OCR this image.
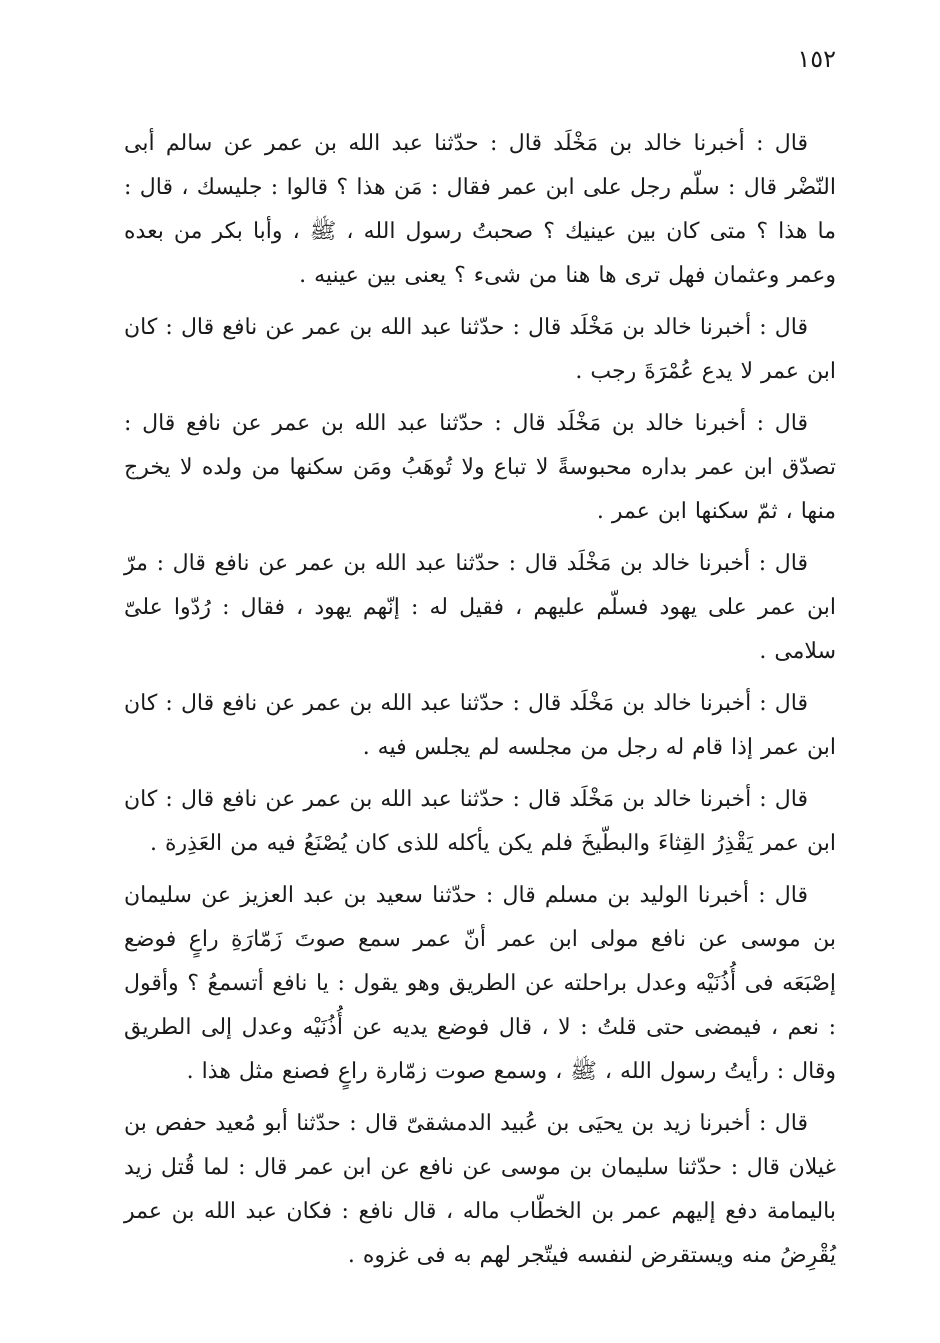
١٥٢

قال : أخبرنا خالد بن مَخْلَد قال : حدّثنا عبد الله بن عمر عن سالم أبى النّضْر قال : سلّم رجل على ابن عمر فقال : مَن هذا ؟ قالوا : جليسك ، قال : ما هذا ؟ متى كان بين عينيك ؟ صحبتُ رسول الله ، ﷺ ، وأبا بكر من بعده وعمر وعثمان فهل ترى ها هنا من شىء ؟ يعنى بين عينيه .

قال : أخبرنا خالد بن مَخْلَد قال : حدّثنا عبد الله بن عمر عن نافع قال : كان ابن عمر لا يدع عُمْرَةَ رجب .

قال : أخبرنا خالد بن مَخْلَد قال : حدّثنا عبد الله بن عمر عن نافع قال : تصدّق ابن عمر بداره محبوسةً لا تباع ولا تُوهَبُ ومَن سكنها من ولده لا يخرج منها ، ثمّ سكنها ابن عمر .

قال : أخبرنا خالد بن مَخْلَد قال : حدّثنا عبد الله بن عمر عن نافع قال : مرّ ابن عمر على يهود فسلّم عليهم ، فقيل له : إنّهم يهود ، فقال : رُدّوا علىّ سلامى .

قال : أخبرنا خالد بن مَخْلَد قال : حدّثنا عبد الله بن عمر عن نافع قال : كان ابن عمر إذا قام له رجل من مجلسه لم يجلس فيه .

قال : أخبرنا خالد بن مَخْلَد قال : حدّثنا عبد الله بن عمر عن نافع قال : كان ابن عمر يَقْذِرُ القِثاءَ والبطّيخَ فلم يكن يأكله للذى كان يُصْنَعُ فيه من العَذِرة .

قال : أخبرنا الوليد بن مسلم قال : حدّثنا سعيد بن عبد العزيز عن سليمان بن موسى عن نافع مولى ابن عمر أنّ عمر سمع صوتَ زَمّارَةِ راعٍ فوضع إصْبَعَه فى أُذُنَيْه وعدل براحلته عن الطريق وهو يقول : يا نافع أتسمعُ ؟ وأقول : نعم ، فيمضى حتى قلتُ : لا ، قال فوضع يديه عن أُذُنَيْه وعدل إلى الطريق وقال : رأيتُ رسول الله ، ﷺ ، وسمع صوت زمّارة راعٍ فصنع مثل هذا .

قال : أخبرنا زيد بن يحيَى بن عُبيد الدمشقىّ قال : حدّثنا أبو مُعيد حفص بن غيلان قال : حدّثنا سليمان بن موسى عن نافع عن ابن عمر قال : لما قُتل زيد باليمامة دفع إليهم عمر بن الخطّاب ماله ، قال نافع : فكان عبد الله بن عمر يُقْرِضُ منه ويستقرض لنفسه فيتّجر لهم به فى غزوه .
